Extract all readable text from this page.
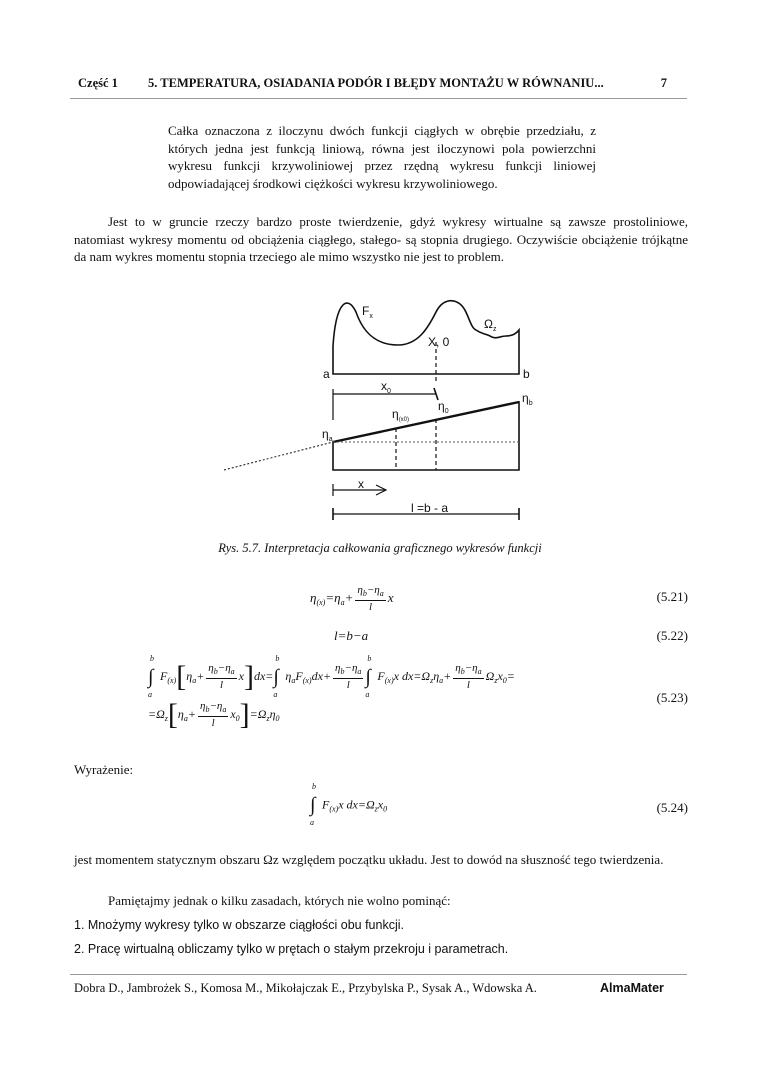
Część 1 5. TEMPERATURA, OSIADANIA PODÓR I BŁĘDY MONTAŻU W RÓWNANIU...	7
Całka oznaczona z iloczynu dwóch funkcji ciągłych w obrębie przedziału, z których jedna jest funkcją liniową, równa jest iloczynowi pola powierzchni wykresu funkcji krzywoliniowej przez rzędną wykresu funkcji liniowej odpowiadającej środkowi ciężkości wykresu krzywoliniowego.
Jest to w gruncie rzeczy bardzo proste twierdzenie, gdyż wykresy wirtualne są zawsze prostoliniowe, natomiast wykresy momentu od obciążenia ciągłego, stałego- są stopnia drugiego. Oczywiście obciążenie trójkątne da nam wykres momentu stopnia trzeciego ale mimo wszystko nie jest to problem.
$F_x$
$\Omega_z$
X, 0
a	b
$x_0$	$\eta_b$
$\eta_a$
$\eta_{(x0)}$
$\eta_0$
x
l =b - a
Rys. 5.7. Interpretacja całkowania graficznego wykresów funkcji
$\eta_{(x)}=\eta_a+ \frac{\eta_b-\eta_a}{l}$ x	(5.21)
l=b−a	(5.22)
∫
b
a
$F_{(x)}[\eta_a+ \frac{\eta_b-\eta_a}{l} x]dx=\int$
b
a
$\eta_aF_{(x)}dx+ \frac{\eta_b-\eta_a}{l}$ ∫
b
a
$F_{(x)}x$ $dx=\Omega_z\eta_a+ \frac{\eta_b-\eta_a}{l} \Omega_zx_0=$
$=\Omega_z[\eta_a+ \frac{\eta_b-\eta_a}{l} x_0]=\Omega_z\eta_0$
(5.23)
Wyrażenie:
∫
b
a
$F_{(x)}x$ $dx=\Omega_zx_0$	(5.24)
jest momentem statycznym obszaru Ωz względem początku układu. Jest to dowód na słuszność tego twierdzenia.
Pamiętajmy jednak o kilku zasadach, których nie wolno pominąć:
1. Mnożymy wykresy tylko w obszarze ciągłości obu funkcji.
2. Pracę wirtualną obliczamy tylko w prętach o stałym przekroju i parametrach.
Dobra D., Jambrożek S., Komosa M., Mikołajczak E., Przybylska P., Sysak A., Wdowska A.	AlmaMater
